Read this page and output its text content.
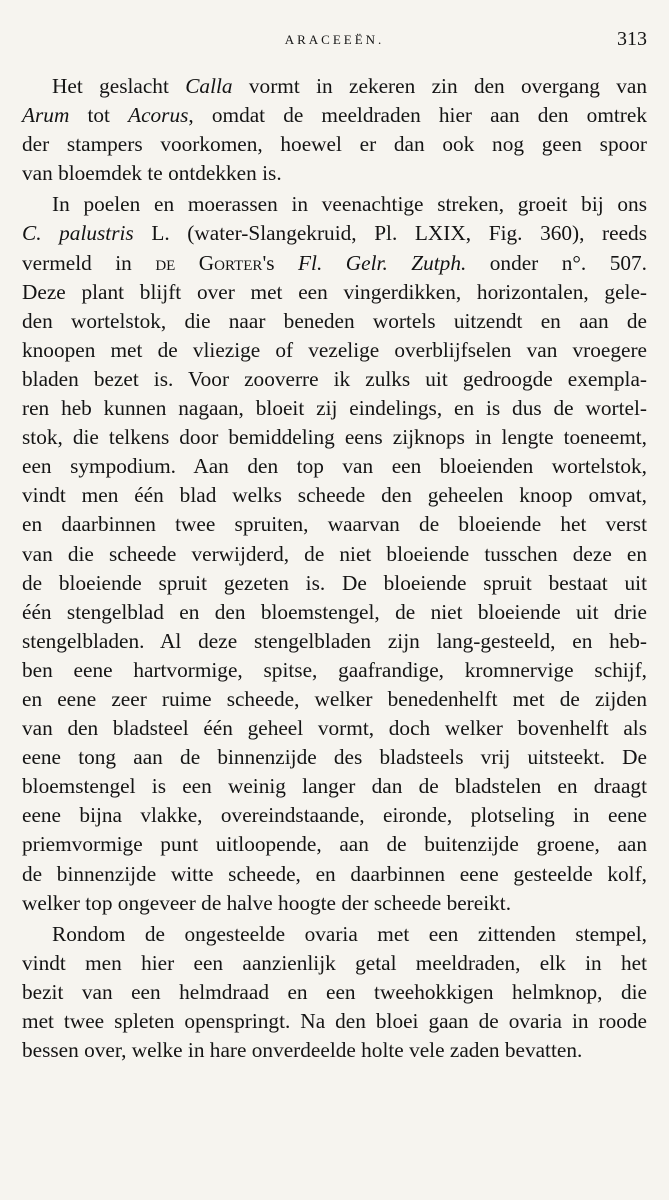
ARACEEËN.	313
Het geslacht Calla vormt in zekeren zin den overgang van
Arum tot Acorus, omdat de meeldraden hier aan den omtrek
der stampers voorkomen, hoewel er dan ook nog geen spoor
van bloemdek te ontdekken is.
In poelen en moerassen in veenachtige streken, groeit bij ons
C. palustris L. (water-Slangekruid, Pl. LXIX, Fig. 360), reeds
vermeld in de Gorter's Fl. Gelr. Zutph. onder n°. 507.
Deze plant blijft over met een vingerdikken, horizontalen, gele-
den wortelstok, die naar beneden wortels uitzendt en aan de
knoopen met de vliezige of vezelige overblijfselen van vroegere
bladen bezet is. Voor zooverre ik zulks uit gedroogde exempla-
ren heb kunnen nagaan, bloeit zij eindelings, en is dus de wortel-
stok, die telkens door bemiddeling eens zijknops in lengte toeneemt,
een sympodium. Aan den top van een bloeienden wortelstok,
vindt men één blad welks scheede den geheelen knoop omvat,
en daarbinnen twee spruiten, waarvan de bloeiende het verst
van die scheede verwijderd, de niet bloeiende tusschen deze en
de bloeiende spruit gezeten is. De bloeiende spruit bestaat uit
één stengelblad en den bloemstengel, de niet bloeiende uit drie
stengelbladen. Al deze stengelbladen zijn lang-gesteeld, en heb-
ben eene hartvormige, spitse, gaafrandige, kromnervige schijf,
en eene zeer ruime scheede, welker benedenhelft met de zijden
van den bladsteel één geheel vormt, doch welker bovenhelft als
eene tong aan de binnenzijde des bladsteels vrij uitsteekt. De
bloemstengel is een weinig langer dan de bladstelen en draagt
eene bijna vlakke, overeindstaande, eironde, plotseling in eene
priemvormige punt uitloopende, aan de buitenzijde groene, aan
de binnenzijde witte scheede, en daarbinnen eene gesteelde kolf,
welker top ongeveer de halve hoogte der scheede bereikt.
Rondom de ongesteelde ovaria met een zittenden stempel,
vindt men hier een aanzienlijk getal meeldraden, elk in het
bezit van een helmdraad en een tweehokkigen helmknop, die
met twee spleten openspringt. Na den bloei gaan de ovaria in roode
bessen over, welke in hare onverdeelde holte vele zaden bevatten.
